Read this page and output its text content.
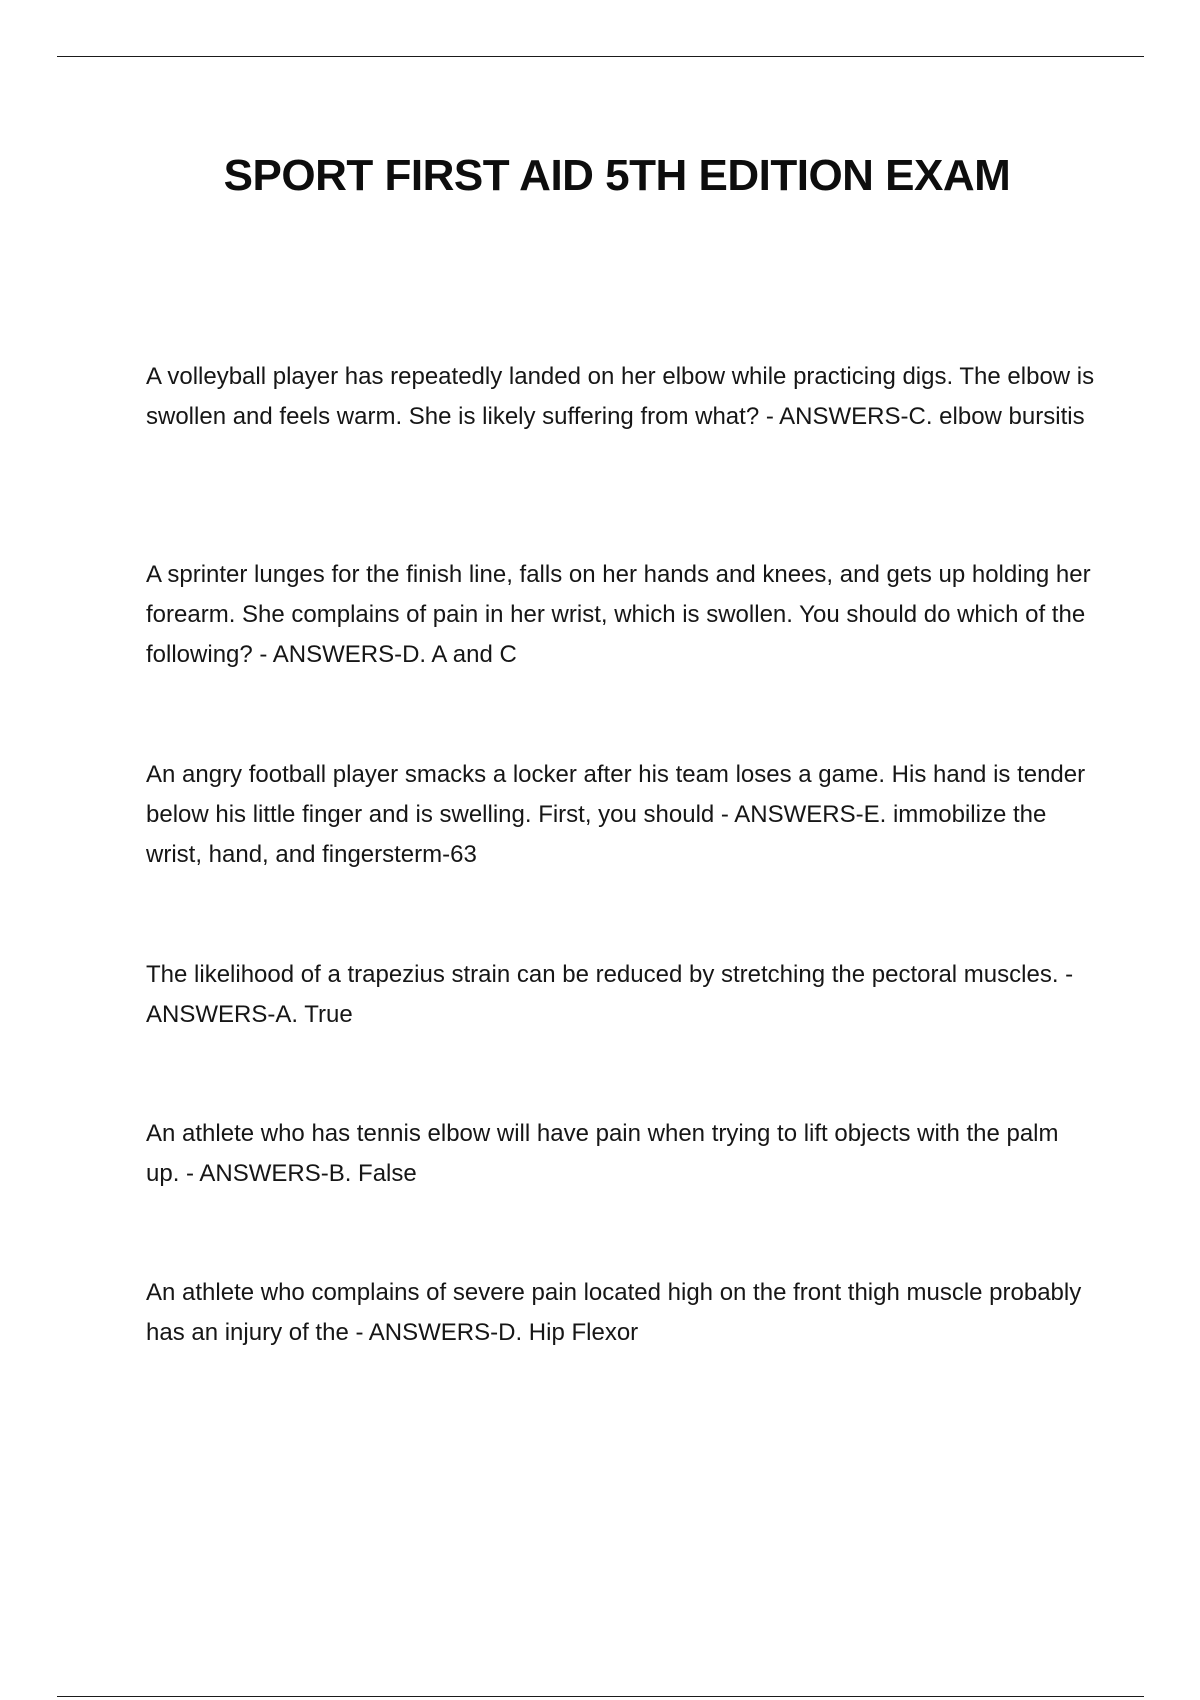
SPORT FIRST AID 5TH EDITION EXAM

A volleyball player has repeatedly landed on her elbow while practicing digs. The elbow is swollen and feels warm. She is likely suffering from what? - ANSWERS-C. elbow bursitis

A sprinter lunges for the finish line, falls on her hands and knees, and gets up holding her forearm. She complains of pain in her wrist, which is swollen. You should do which of the following? - ANSWERS-D. A and C

An angry football player smacks a locker after his team loses a game. His hand is tender below his little finger and is swelling. First, you should - ANSWERS-E. immobilize the wrist, hand, and fingersterm-63

The likelihood of a trapezius strain can be reduced by stretching the pectoral muscles. - ANSWERS-A. True

An athlete who has tennis elbow will have pain when trying to lift objects with the palm up. - ANSWERS-B. False

An athlete who complains of severe pain located high on the front thigh muscle probably has an injury of the - ANSWERS-D. Hip Flexor
